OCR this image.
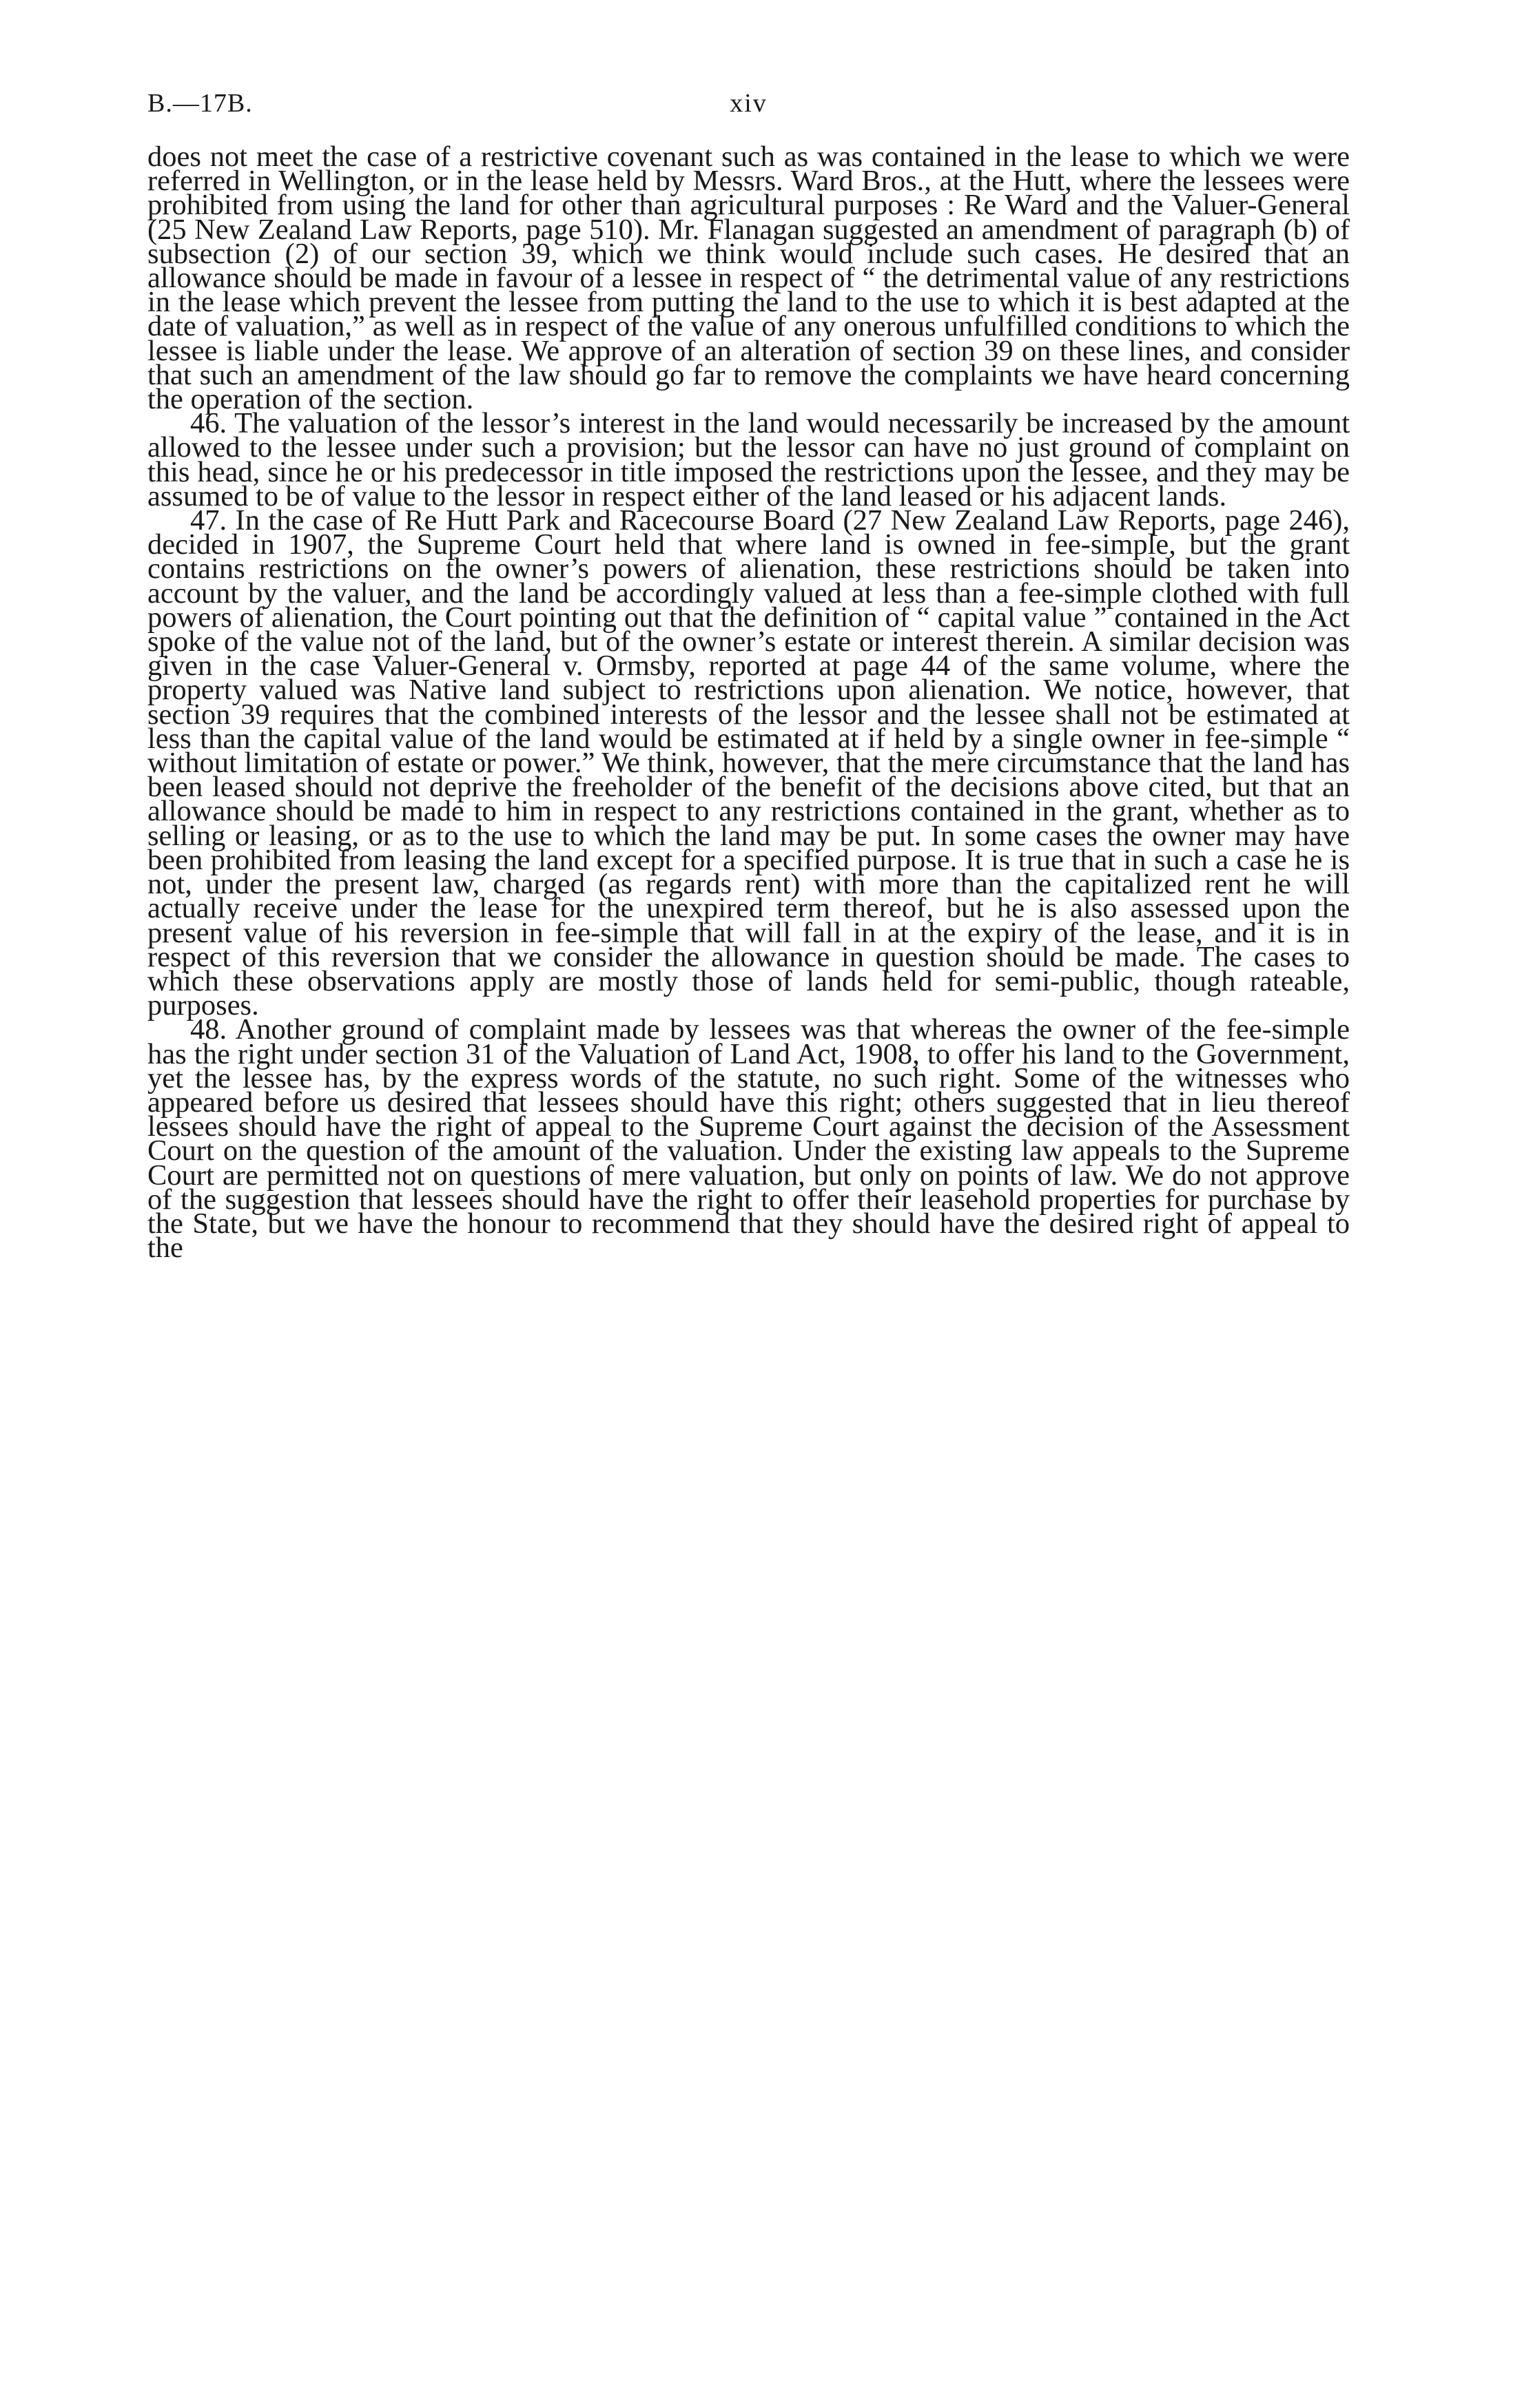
B.—17B.	xiv

does not meet the case of a restrictive covenant such as was contained in the lease to which we were referred in Wellington, or in the lease held by Messrs. Ward Bros., at the Hutt, where the lessees were prohibited from using the land for other than agricultural purposes : Re Ward and the Valuer-General (25 New Zealand Law Reports, page 510). Mr. Flanagan suggested an amendment of paragraph (b) of subsection (2) of our section 39, which we think would include such cases. He desired that an allowance should be made in favour of a lessee in respect of “ the detrimental value of any restrictions in the lease which prevent the lessee from putting the land to the use to which it is best adapted at the date of valuation,” as well as in respect of the value of any onerous unfulfilled conditions to which the lessee is liable under the lease. We approve of an alteration of section 39 on these lines, and consider that such an amendment of the law should go far to remove the complaints we have heard concerning the operation of the section.

46. The valuation of the lessor’s interest in the land would necessarily be increased by the amount allowed to the lessee under such a provision; but the lessor can have no just ground of complaint on this head, since he or his predecessor in title imposed the restrictions upon the lessee, and they may be assumed to be of value to the lessor in respect either of the land leased or his adjacent lands.

47. In the case of Re Hutt Park and Racecourse Board (27 New Zealand Law Reports, page 246), decided in 1907, the Supreme Court held that where land is owned in fee-simple, but the grant contains restrictions on the owner’s powers of alienation, these restrictions should be taken into account by the valuer, and the land be accordingly valued at less than a fee-simple clothed with full powers of alienation, the Court pointing out that the definition of “ capital value ” contained in the Act spoke of the value not of the land, but of the owner’s estate or interest therein. A similar decision was given in the case Valuer-General v. Ormsby, reported at page 44 of the same volume, where the property valued was Native land subject to restrictions upon alienation. We notice, however, that section 39 requires that the combined interests of the lessor and the lessee shall not be estimated at less than the capital value of the land would be estimated at if held by a single owner in fee-simple “ without limitation of estate or power.” We think, however, that the mere circumstance that the land has been leased should not deprive the freeholder of the benefit of the decisions above cited, but that an allowance should be made to him in respect to any restrictions contained in the grant, whether as to selling or leasing, or as to the use to which the land may be put. In some cases the owner may have been prohibited from leasing the land except for a specified purpose. It is true that in such a case he is not, under the present law, charged (as regards rent) with more than the capitalized rent he will actually receive under the lease for the unexpired term thereof, but he is also assessed upon the present value of his reversion in fee-simple that will fall in at the expiry of the lease, and it is in respect of this reversion that we consider the allowance in question should be made. The cases to which these observations apply are mostly those of lands held for semi-public, though rateable, purposes.

48. Another ground of complaint made by lessees was that whereas the owner of the fee-simple has the right under section 31 of the Valuation of Land Act, 1908, to offer his land to the Government, yet the lessee has, by the express words of the statute, no such right. Some of the witnesses who appeared before us desired that lessees should have this right; others suggested that in lieu thereof lessees should have the right of appeal to the Supreme Court against the decision of the Assessment Court on the question of the amount of the valuation. Under the existing law appeals to the Supreme Court are permitted not on questions of mere valuation, but only on points of law. We do not approve of the suggestion that lessees should have the right to offer their leasehold properties for purchase by the State, but we have the honour to recommend that they should have the desired right of appeal to the
